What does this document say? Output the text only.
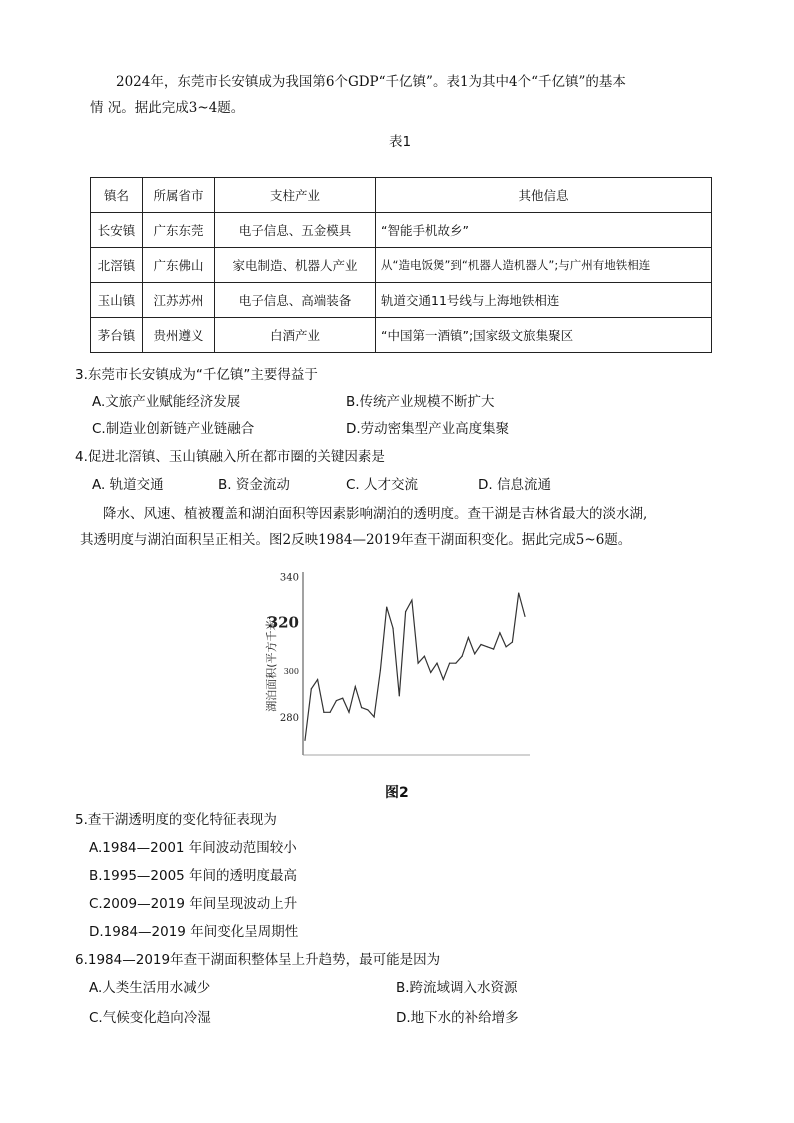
2024年，东莞市长安镇成为我国第6个GDP“千亿镇”。表1为其中4个“千亿镇”的基本
情 况。据此完成3~4题。
表1
镇名	所属省市	支柱产业	其他信息
长安镇	广东东莞	电子信息、五金模具	“智能手机故乡”
北滘镇	广东佛山	家电制造、机器人产业	从“造电饭煲”到“机器人造机器人”;与广州有地铁相连
玉山镇	江苏苏州	电子信息、高端装备	轨道交通11号线与上海地铁相连
茅台镇	贵州遵义	白酒产业	“中国第一酒镇”;国家级文旅集聚区
3.东莞市长安镇成为“千亿镇”主要得益于
A.文旅产业赋能经济发展	B.传统产业规模不断扩大
C.制造业创新链产业链融合	D.劳动密集型产业高度集聚
4.促进北滘镇、玉山镇融入所在都市圈的关键因素是
A. 轨道交通	B. 资金流动	C. 人才交流	D. 信息流通
降水、风速、植被覆盖和湖泊面积等因素影响湖泊的透明度。查干湖是吉林省最大的淡水湖,
其透明度与湖泊面积呈正相关。图2反映1984—2019年查干湖面积变化。据此完成5~6题。
340
320
300
280
湖泊面积(平方千米)
图2
5.查干湖透明度的变化特征表现为
A.1984—2001 年间波动范围较小
B.1995—2005 年间的透明度最高
C.2009—2019 年间呈现波动上升
D.1984—2019 年间变化呈周期性
6.1984—2019年查干湖面积整体呈上升趋势，最可能是因为
A.人类生活用水减少	B.跨流域调入水资源
C.气候变化趋向冷湿	D.地下水的补给增多
